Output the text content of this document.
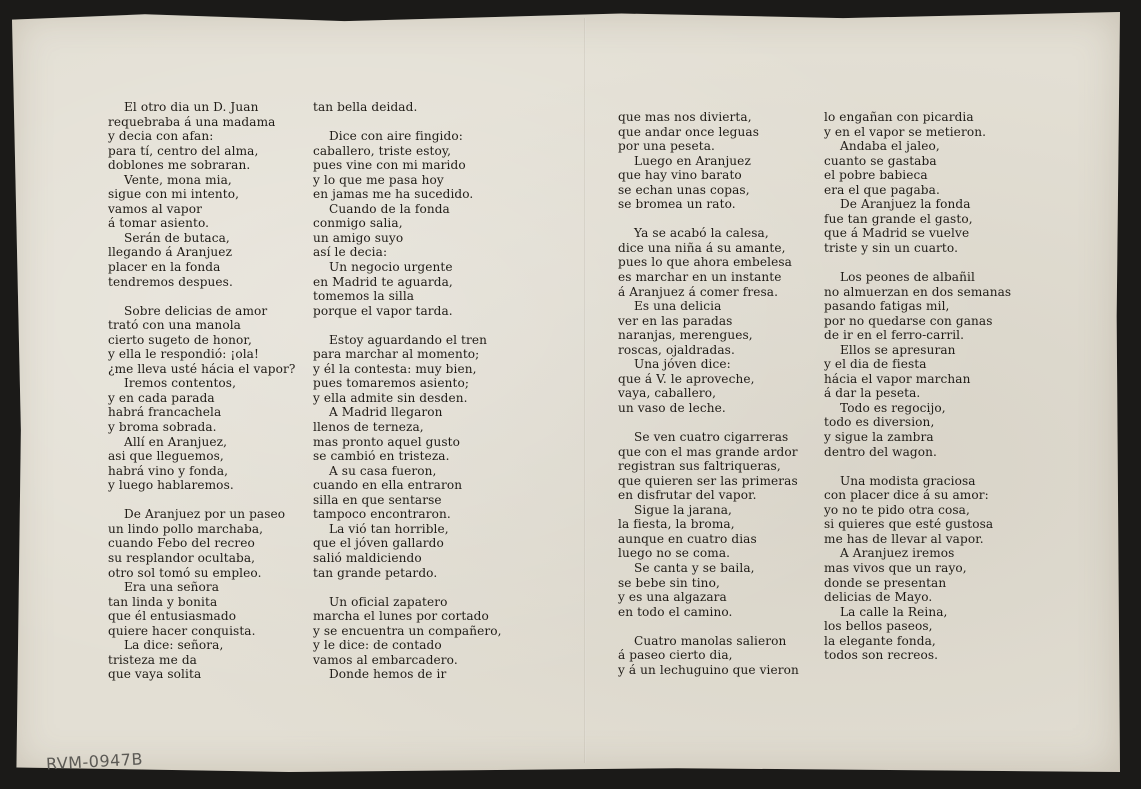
El otro dia un D. Juan
requebraba á una madama
y decia con afan:
para tí, centro del alma,
doblones me sobraran.
Vente, mona mia,
sigue con mi intento,
vamos al vapor
á tomar asiento.
Serán de butaca,
llegando á Aranjuez
placer en la fonda
tendremos despues.
Sobre delicias de amor
trató con una manola
cierto sugeto de honor,
y ella le respondió: ¡ola!
¿me lleva usté hácia el vapor?
Iremos contentos,
y en cada parada
habrá francachela
y broma sobrada.
Allí en Aranjuez,
asi que lleguemos,
habrá vino y fonda,
y luego hablaremos.
De Aranjuez por un paseo
un lindo pollo marchaba,
cuando Febo del recreo
su resplandor ocultaba,
otro sol tomó su empleo.
Era una señora
tan linda y bonita
que él entusiasmado
quiere hacer conquista.
La dice: señora,
tristeza me da
que vaya solita
tan bella deidad.
Dice con aire fingido:
caballero, triste estoy,
pues vine con mi marido
y lo que me pasa hoy
en jamas me ha sucedido.
Cuando de la fonda
conmigo salia,
un amigo suyo
así le decia:
Un negocio urgente
en Madrid te aguarda,
tomemos la silla
porque el vapor tarda.
Estoy aguardando el tren
para marchar al momento;
y él la contesta: muy bien,
pues tomaremos asiento;
y ella admite sin desden.
A Madrid llegaron
llenos de terneza,
mas pronto aquel gusto
se cambió en tristeza.
A su casa fueron,
cuando en ella entraron
silla en que sentarse
tampoco encontraron.
La vió tan horrible,
que el jóven gallardo
salió maldiciendo
tan grande petardo.
Un oficial zapatero
marcha el lunes por cortado
y se encuentra un compañero,
y le dice: de contado
vamos al embarcadero.
Donde hemos de ir
que mas nos divierta,
que andar once leguas
por una peseta.
Luego en Aranjuez
que hay vino barato
se echan unas copas,
se bromea un rato.
Ya se acabó la calesa,
dice una niña á su amante,
pues lo que ahora embelesa
es marchar en un instante
á Aranjuez á comer fresa.
Es una delicia
ver en las paradas
naranjas, merengues,
roscas, ojaldradas.
Una jóven dice:
que á V. le aproveche,
vaya, caballero,
un vaso de leche.
Se ven cuatro cigarreras
que con el mas grande ardor
registran sus faltriqueras,
que quieren ser las primeras
en disfrutar del vapor.
Sigue la jarana,
la fiesta, la broma,
aunque en cuatro dias
luego no se coma.
Se canta y se baila,
se bebe sin tino,
y es una algazara
en todo el camino.
Cuatro manolas salieron
á paseo cierto dia,
y á un lechuguino que vieron
lo engañan con picardia
y en el vapor se metieron.
Andaba el jaleo,
cuanto se gastaba
el pobre babieca
era el que pagaba.
De Aranjuez la fonda
fue tan grande el gasto,
que á Madrid se vuelve
triste y sin un cuarto.
Los peones de albañil
no almuerzan en dos semanas
pasando fatigas mil,
por no quedarse con ganas
de ir en el ferro-carril.
Ellos se apresuran
y el dia de fiesta
hácia el vapor marchan
á dar la peseta.
Todo es regocijo,
todo es diversion,
y sigue la zambra
dentro del wagon.
Una modista graciosa
con placer dice á su amor:
yo no te pido otra cosa,
si quieres que esté gustosa
me has de llevar al vapor.
A Aranjuez iremos
mas vivos que un rayo,
donde se presentan
delicias de Mayo.
La calle la Reina,
los bellos paseos,
la elegante fonda,
todos son recreos.
RVM-0947B
